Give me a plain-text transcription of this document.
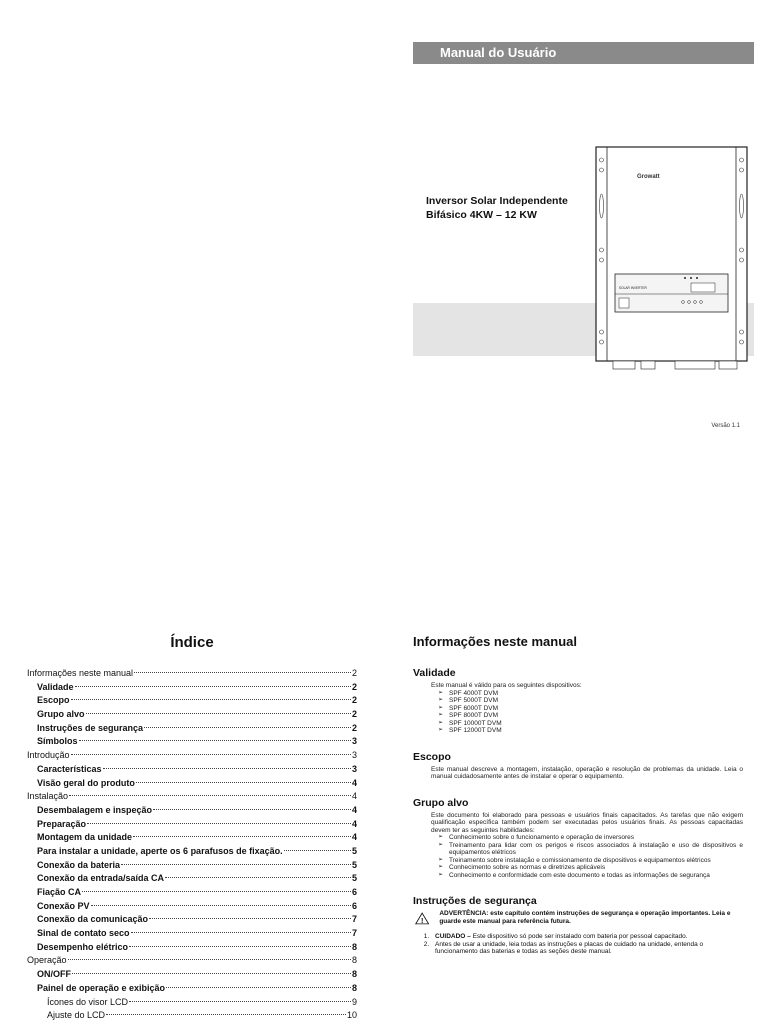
Manual do Usuário
Inversor Solar Independente
Bifásico 4KW – 12 KW
Growatt
SOLAR INVERTER
Versão 1.1
Índice
Informações neste manual	2
Validade	2
Escopo	2
Grupo alvo	2
Instruções de segurança	2
Símbolos	3
Introdução	3
Características	3
Visão geral do produto	4
Instalação	4
Desembalagem e inspeção	4
Preparação	4
Montagem da unidade	4
Para instalar a unidade, aperte os 6 parafusos de fixação.	5
Conexão da bateria	5
Conexão da entrada/saída CA	5
Fiação CA	6
Conexão PV	6
Conexão da comunicação	7
Sinal de contato seco	7
Desempenho elétrico	8
Operação	8
ON/OFF	8
Painel de operação e exibição	8
Ícones do visor LCD	9
Ajuste do LCD	10
Informações neste manual
Validade
Este manual é válido para os seguintes dispositivos:
➢ SPF 4000T DVM
➢ SPF 5000T DVM
➢ SPF 6000T DVM
➢ SPF 8000T DVM
➢ SPF 10000T DVM
➢ SPF 12000T DVM
Escopo
Este manual descreve a montagem, instalação, operação e resolução de problemas da unidade. Leia o manual cuidadosamente antes de instalar e operar o equipamento.
Grupo alvo
Este documento foi elaborado para pessoas e usuários finais capacitados. As tarefas que não exigem qualificação específica também podem ser executadas pelos usuários finais. As pessoas capacitadas devem ter as seguintes habilidades:
➢ Conhecimento sobre o funcionamento e operação de inversores
➢ Treinamento para lidar com os perigos e riscos associados à instalação e uso de dispositivos e equipamentos elétricos
➢ Treinamento sobre instalação e comissionamento de dispositivos e equipamentos elétricos
➢ Conhecimento sobre as normas e diretrizes aplicáveis
➢ Conhecimento e conformidade com este documento e todas as informações de segurança
Instruções de segurança
!
ADVERTÊNCIA: este capítulo contém instruções de segurança e operação importantes. Leia e guarde este manual para referência futura.
1. CUIDADO – Este dispositivo só pode ser instalado com bateria por pessoal capacitado.
2. Antes de usar a unidade, leia todas as instruções e placas de cuidado na unidade, entenda o funcionamento das baterias e todas as seções deste manual.
